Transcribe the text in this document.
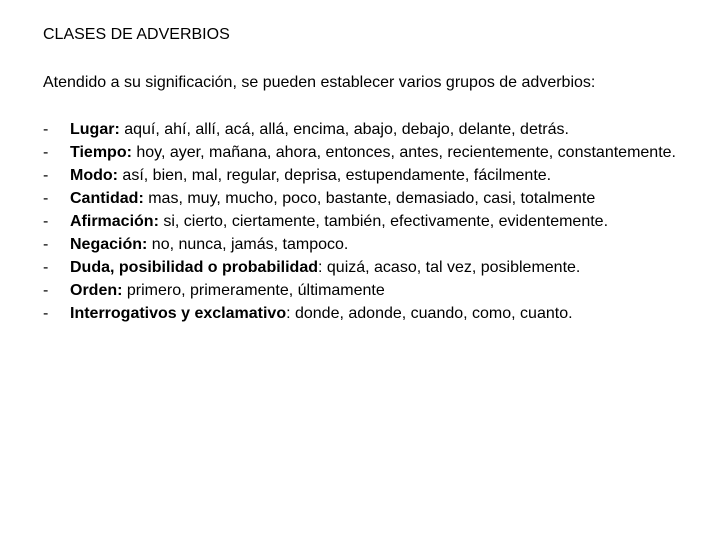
CLASES DE ADVERBIOS
Atendido a su significación, se pueden establecer varios grupos de adverbios:
- Lugar: aquí, ahí, allí, acá, allá, encima, abajo, debajo, delante, detrás.
- Tiempo: hoy, ayer, mañana, ahora, entonces, antes, recientemente, constantemente.
- Modo: así, bien, mal, regular, deprisa, estupendamente, fácilmente.
- Cantidad: mas, muy, mucho, poco, bastante, demasiado, casi, totalmente
- Afirmación: si, cierto, ciertamente, también, efectivamente, evidentemente.
- Negación: no, nunca, jamás, tampoco.
- Duda, posibilidad o probabilidad: quizá, acaso, tal vez, posiblemente.
- Orden: primero, primeramente, últimamente
- Interrogativos y exclamativo: donde, adonde, cuando, como, cuanto.
